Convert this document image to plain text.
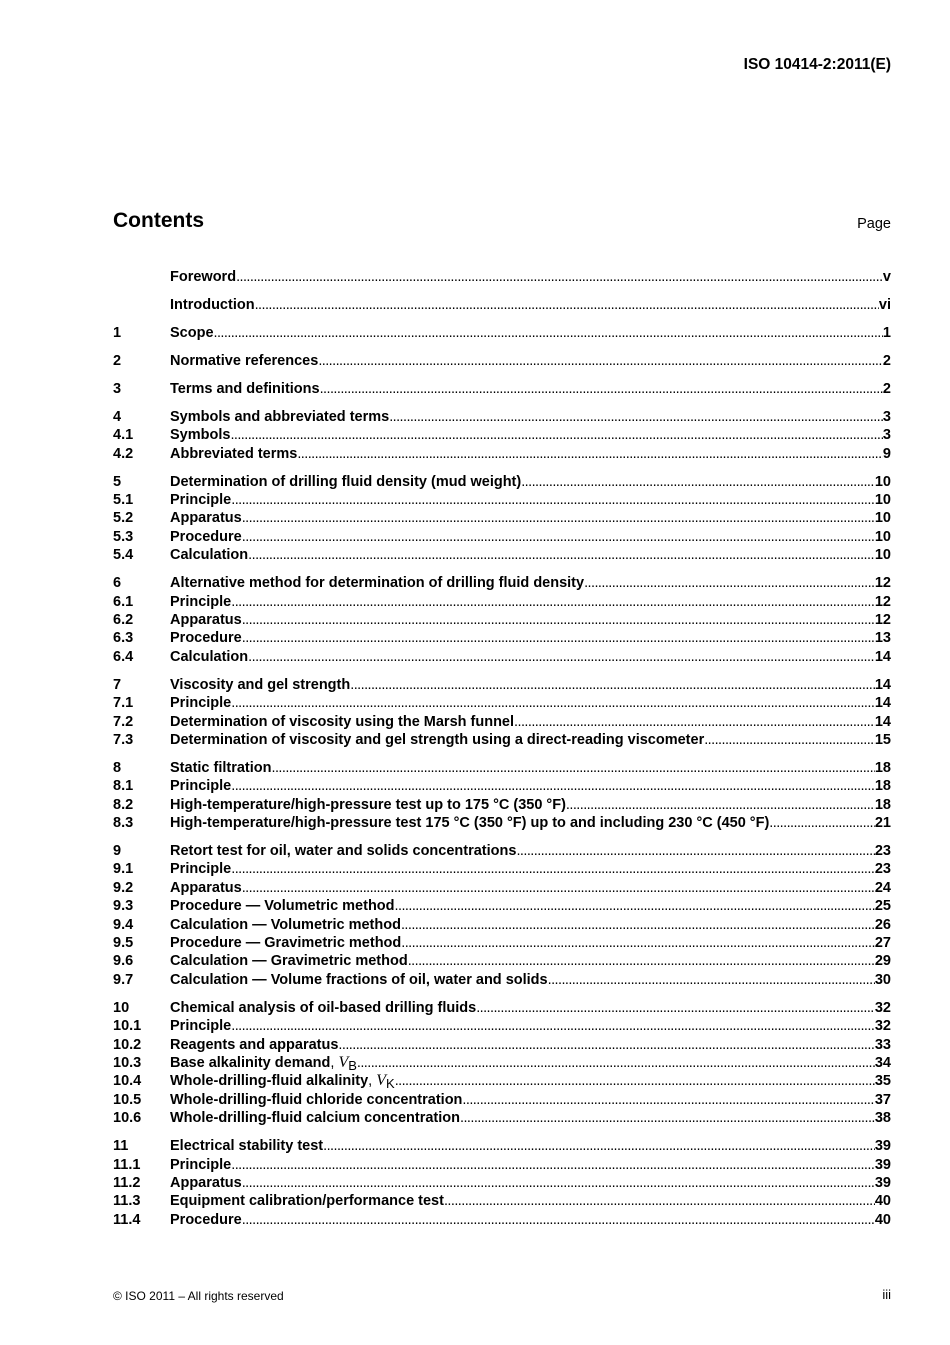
ISO 10414-2:2011(E)
Contents	Page
Foreword . . .	v
Introduction . . .	vi
1	Scope . . .	1
2	Normative references . . .	2
3	Terms and definitions . . .	2
4	Symbols and abbreviated terms . . .	3
4.1	Symbols . . .	3
4.2	Abbreviated terms . . .	9
5	Determination of drilling fluid density (mud weight) . . .	10
5.1	Principle . . .	10
5.2	Apparatus . . .	10
5.3	Procedure . . .	10
5.4	Calculation . . .	10
6	Alternative method for determination of drilling fluid density . . .	12
6.1	Principle . . .	12
6.2	Apparatus . . .	12
6.3	Procedure . . .	13
6.4	Calculation . . .	14
7	Viscosity and gel strength . . .	14
7.1	Principle . . .	14
7.2	Determination of viscosity using the Marsh funnel . . .	14
7.3	Determination of viscosity and gel strength using a direct-reading viscometer . . .	15
8	Static filtration . . .	18
8.1	Principle . . .	18
8.2	High-temperature/high-pressure test up to 175 °C (350 °F) . . .	18
8.3	High-temperature/high-pressure test 175 °C (350 °F) up to and including 230 °C (450 °F) . . .	21
9	Retort test for oil, water and solids concentrations . . .	23
9.1	Principle . . .	23
9.2	Apparatus . . .	24
9.3	Procedure — Volumetric method . . .	25
9.4	Calculation — Volumetric method . . .	26
9.5	Procedure — Gravimetric method . . .	27
9.6	Calculation — Gravimetric method . . .	29
9.7	Calculation — Volume fractions of oil, water and solids . . .	30
10	Chemical analysis of oil-based drilling fluids . . .	32
10.1	Principle . . .	32
10.2	Reagents and apparatus . . .	33
10.3	Base alkalinity demand, VB . . .	34
10.4	Whole-drilling-fluid alkalinity, VK . . .	35
10.5	Whole-drilling-fluid chloride concentration . . .	37
10.6	Whole-drilling-fluid calcium concentration . . .	38
11	Electrical stability test . . .	39
11.1	Principle . . .	39
11.2	Apparatus . . .	39
11.3	Equipment calibration/performance test . . .	40
11.4	Procedure . . .	40
© ISO 2011 – All rights reserved	iii
